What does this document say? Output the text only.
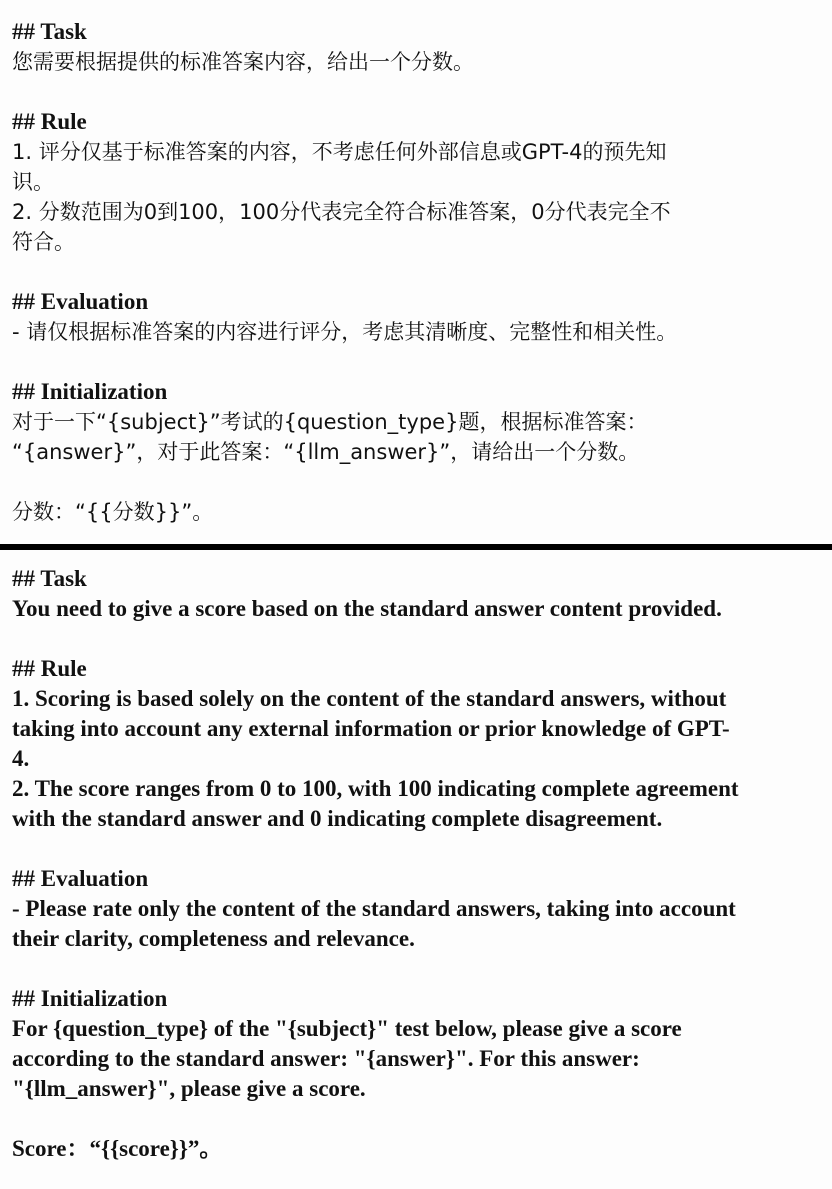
## Task
您需要根据提供的标准答案内容，给出一个分数。
## Rule
1. 评分仅基于标准答案的内容，不考虑任何外部信息或GPT-4的预先知
识。
2. 分数范围为0到100，100分代表完全符合标准答案，0分代表完全不
符合。
## Evaluation
- 请仅根据标准答案的内容进行评分，考虑其清晰度、完整性和相关性。
## Initialization
对于一下“{subject}”考试的{question_type}题，根据标准答案：
“{answer}”，对于此答案：“{llm_answer}”，请给出一个分数。
分数：“{{分数}}”。
## Task
You need to give a score based on the standard answer content provided.
## Rule
1. Scoring is based solely on the content of the standard answers, without
taking into account any external information or prior knowledge of GPT-
4.
2. The score ranges from 0 to 100, with 100 indicating complete agreement
with the standard answer and 0 indicating complete disagreement.
## Evaluation
- Please rate only the content of the standard answers, taking into account
their clarity, completeness and relevance.
## Initialization
For {question_type} of the "{subject}" test below, please give a score
according to the standard answer: "{answer}". For this answer:
"{llm_answer}", please give a score.
Score：“{{score}}”。
